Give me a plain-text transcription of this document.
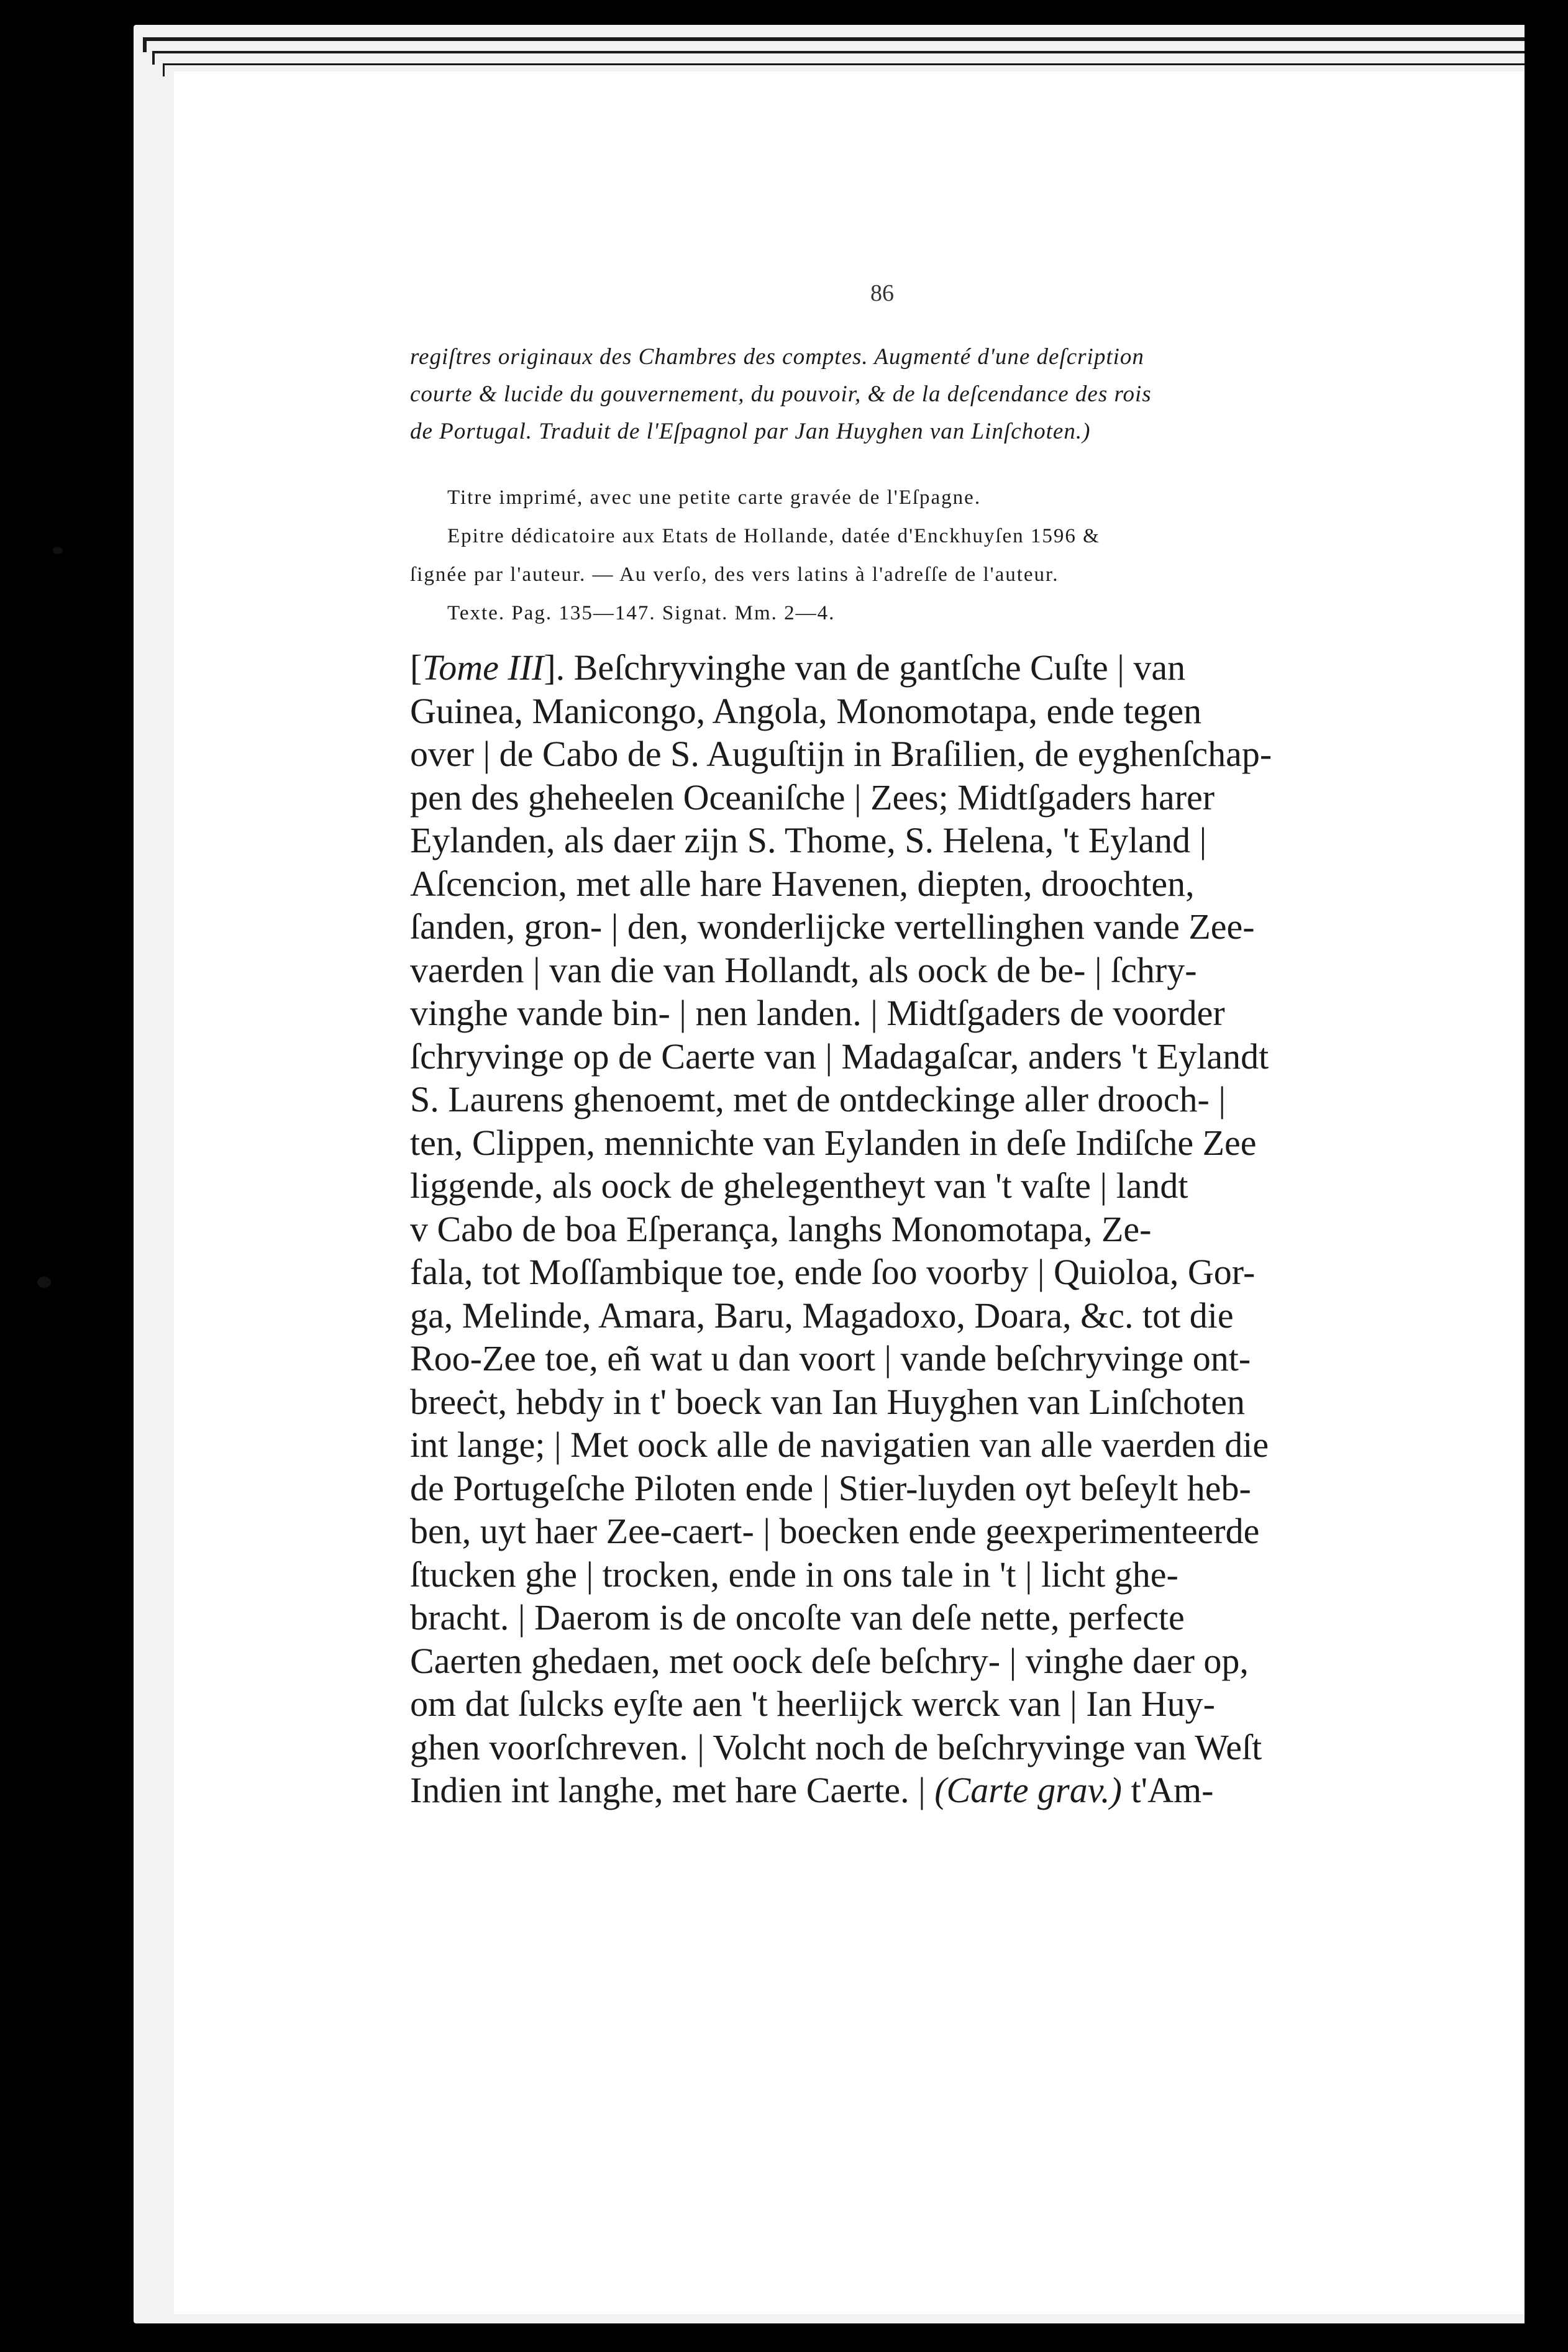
86
regiſtres originaux des Chambres des comptes. Augmenté d'une deſcription
courte & lucide du gouvernement, du pouvoir, & de la deſcendance des rois
de Portugal. Traduit de l'Eſpagnol par Jan Huyghen van Linſchoten.)

Titre imprimé, avec une petite carte gravée de l'Eſpagne.

Epitre dédicatoire aux Etats de Hollande, datée d'Enckhuyſen 1596 &

ſignée par l'auteur. — Au verſo, des vers latins à l'adreſſe de l'auteur.

Texte. Pag. 135—147. Signat. Mm. 2—4.

[Tome III]. Beſchryvinghe van de gantſche Cuſte | van
Guinea, Manicongo, Angola, Monomotapa, ende tegen
over | de Cabo de S. Auguſtijn in Braſilien, de eyghenſchap-
pen des gheheelen Oceaniſche | Zees; Midtſgaders harer
Eylanden, als daer zijn S. Thome, S. Helena, 't Eyland |
Aſcencion, met alle hare Havenen, diepten, droochten,
ſanden, gron- | den, wonderlijcke vertellinghen vande Zee-
vaerden | van die van Hollandt, als oock de be- | ſchry-
vinghe vande bin- | nen landen. | Midtſgaders de voorder
ſchryvinge op de Caerte van | Madagaſcar, anders 't Eylandt
S. Laurens ghenoemt, met de ontdeckinge aller drooch- |
ten, Clippen, mennichte van Eylanden in deſe Indiſche Zee
liggende, als oock de ghelegentheyt van 't vaſte | landt
v Cabo de boa Eſperança, langhs Monomotapa, Ze-
fala, tot Moſſambique toe, ende ſoo voorby | Quioloa, Gor-
ga, Melinde, Amara, Baru, Magadoxo, Doara, &c. tot die
Roo-Zee toe, eñ wat u dan voort | vande beſchryvinge ont-
breeċt, hebdy in t' boeck van Ian Huyghen van Linſchoten
int lange; | Met oock alle de navigatien van alle vaerden die
de Portugeſche Piloten ende | Stier-luyden oyt beſeylt heb-
ben, uyt haer Zee-caert- | boecken ende geexperimenteerde
ſtucken ghe | trocken, ende in ons tale in 't | licht ghe-
bracht. | Daerom is de oncoſte van deſe nette, perfecte
Caerten ghedaen, met oock deſe beſchry- | vinghe daer op,
om dat ſulcks eyſte aen 't heerlijck werck van | Ian Huy-
ghen voorſchreven. | Volcht noch de beſchryvinge van Weſt
Indien int langhe, met hare Caerte. | (Carte grav.) t'Am-
